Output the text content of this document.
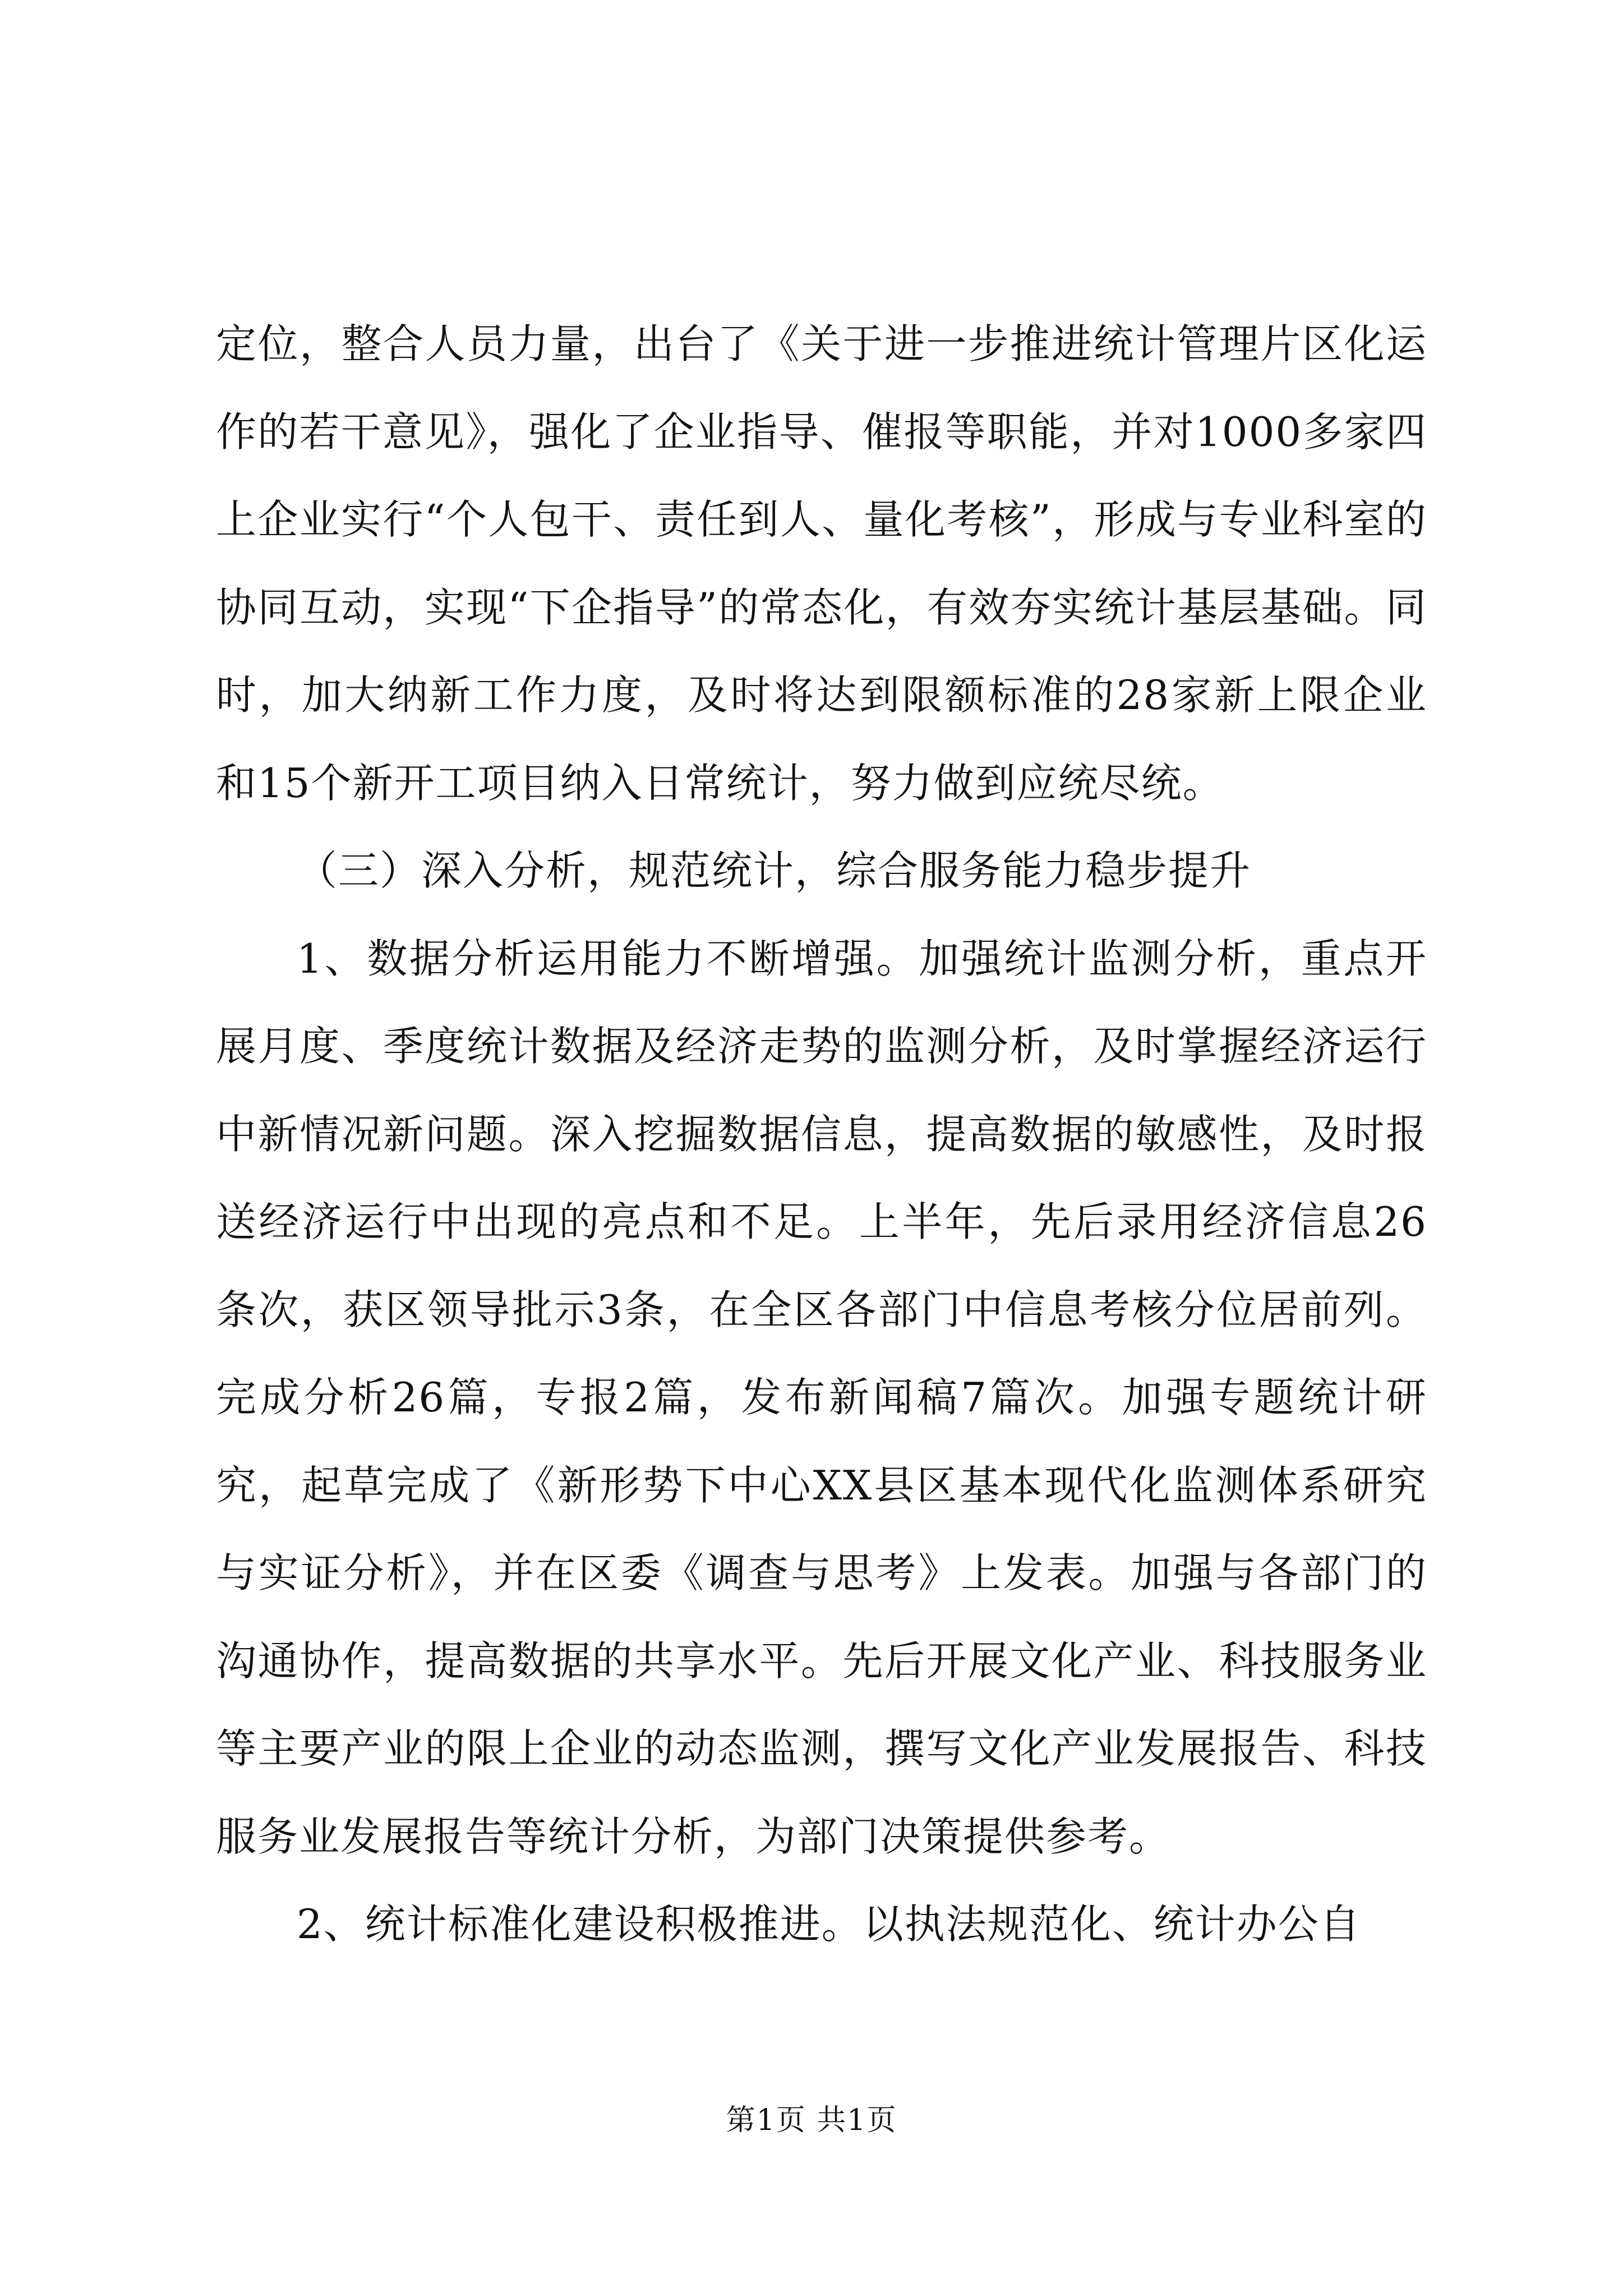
定位，整合人员力量，出台了《关于进一步推进统计管理片区化运作的若干意见》，强化了企业指导、催报等职能，并对1000多家四上企业实行“个人包干、责任到人、量化考核”，形成与专业科室的协同互动，实现“下企指导”的常态化，有效夯实统计基层基础。同时，加大纳新工作力度，及时将达到限额标准的28家新上限企业和15个新开工项目纳入日常统计，努力做到应统尽统。

（三）深入分析，规范统计，综合服务能力稳步提升

1、数据分析运用能力不断增强。加强统计监测分析，重点开展月度、季度统计数据及经济走势的监测分析，及时掌握经济运行中新情况新问题。深入挖掘数据信息，提高数据的敏感性，及时报送经济运行中出现的亮点和不足。上半年，先后录用经济信息26条次，获区领导批示3条，在全区各部门中信息考核分位居前列。完成分析26篇，专报2篇，发布新闻稿7篇次。加强专题统计研究，起草完成了《新形势下中心XX县区基本现代化监测体系研究与实证分析》，并在区委《调查与思考》上发表。加强与各部门的沟通协作，提高数据的共享水平。先后开展文化产业、科技服务业等主要产业的限上企业的动态监测，撰写文化产业发展报告、科技服务业发展报告等统计分析，为部门决策提供参考。

2、统计标准化建设积极推进。以执法规范化、统计办公自

第1页 共1页
